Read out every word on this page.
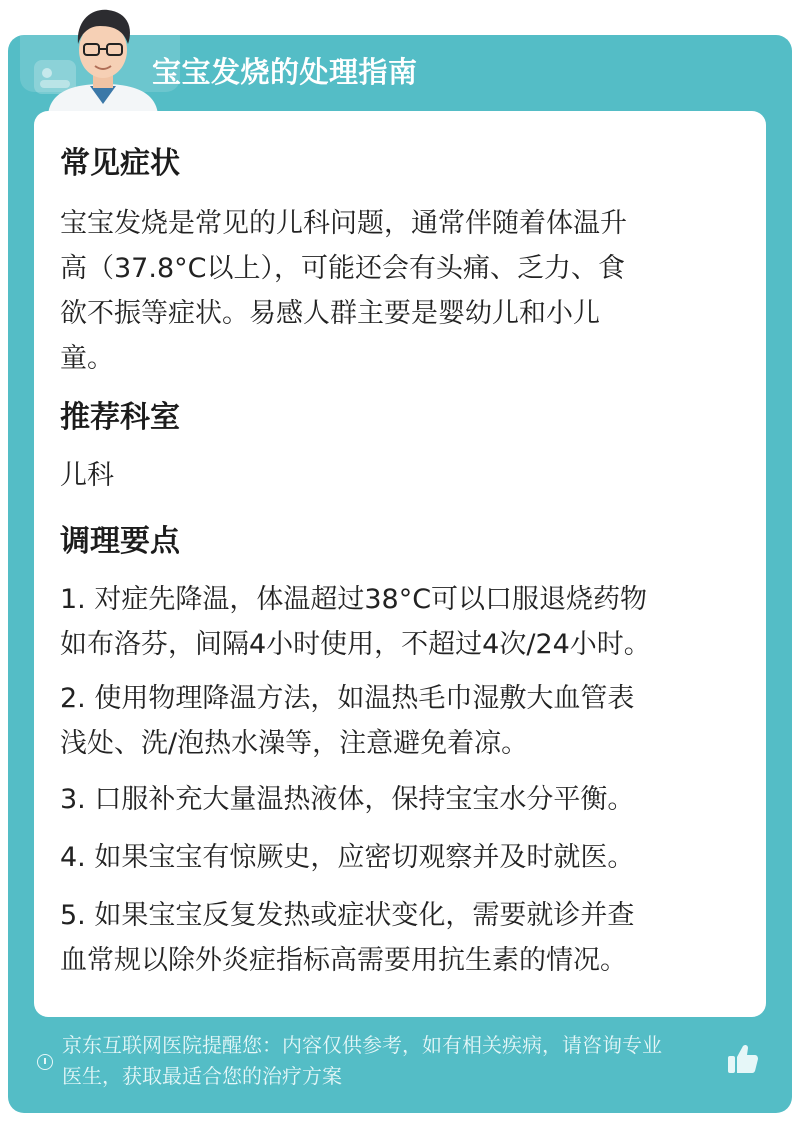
宝宝发烧的处理指南
常见症状
宝宝发烧是常见的儿科问题，通常伴随着体温升
高（37.8°C以上），可能还会有头痛、乏力、食
欲不振等症状。易感人群主要是婴幼儿和小儿
童。
推荐科室
儿科
调理要点
1. 对症先降温，体温超过38°C可以口服退烧药物
如布洛芬，间隔4小时使用，不超过4次/24小时。
2. 使用物理降温方法，如温热毛巾湿敷大血管表
浅处、洗/泡热水澡等，注意避免着凉。
3. 口服补充大量温热液体，保持宝宝水分平衡。
4. 如果宝宝有惊厥史，应密切观察并及时就医。
5. 如果宝宝反复发热或症状变化，需要就诊并查
血常规以除外炎症指标高需要用抗生素的情况。
京东互联网医院提醒您：内容仅供参考，如有相关疾病，请咨询专业
医生，获取最适合您的治疗方案
